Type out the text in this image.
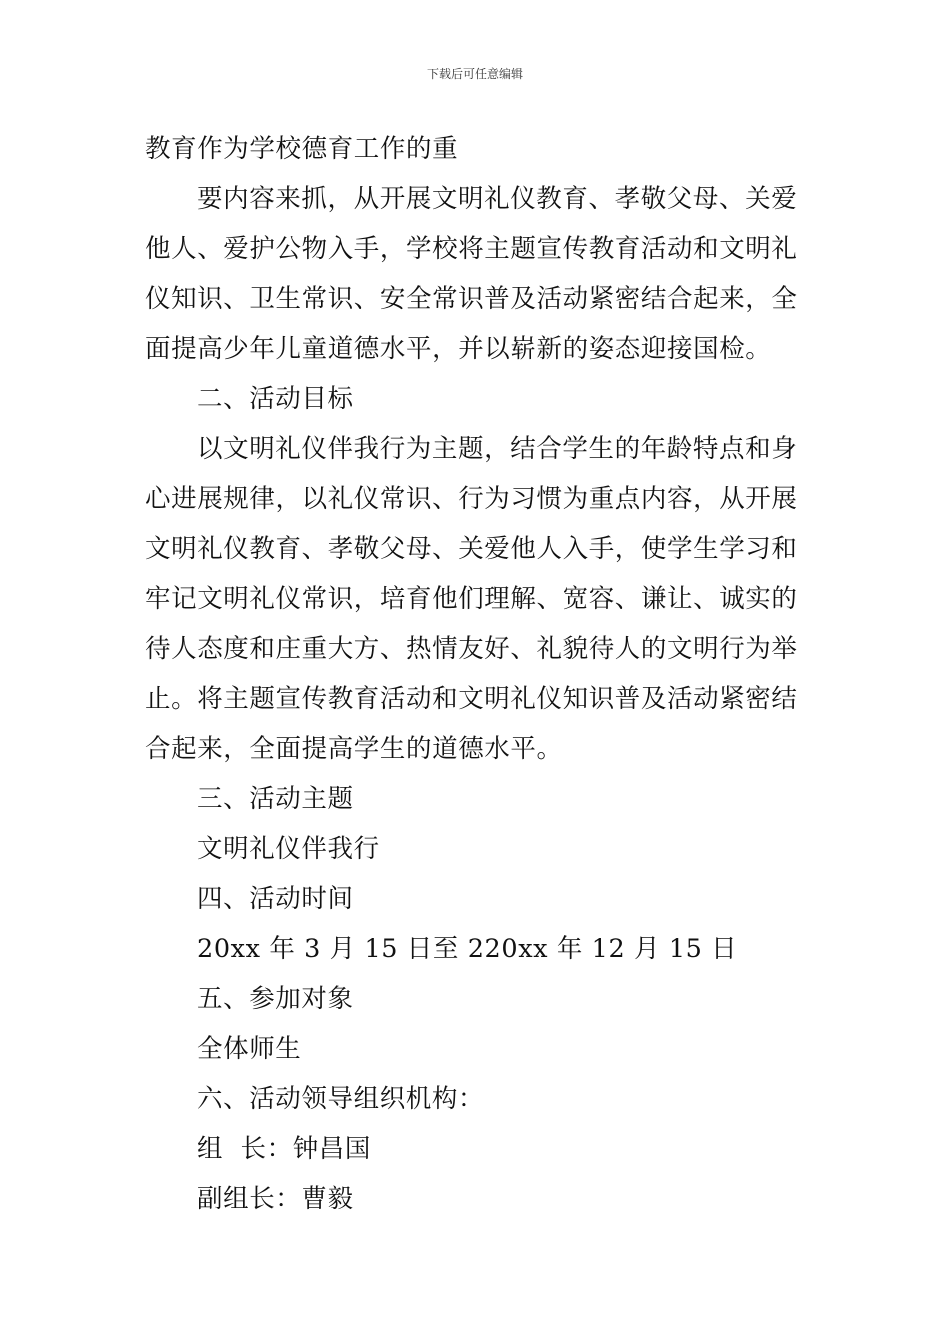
下载后可任意编辑
教育作为学校德育工作的重
要内容来抓，从开展文明礼仪教育、孝敬父母、关爱
他人、爱护公物入手，学校将主题宣传教育活动和文明礼
仪知识、卫生常识、安全常识普及活动紧密结合起来，全
面提高少年儿童道德水平，并以崭新的姿态迎接国检。
二、活动目标
以文明礼仪伴我行为主题，结合学生的年龄特点和身
心进展规律，以礼仪常识、行为习惯为重点内容，从开展
文明礼仪教育、孝敬父母、关爱他人入手，使学生学习和
牢记文明礼仪常识，培育他们理解、宽容、谦让、诚实的
待人态度和庄重大方、热情友好、礼貌待人的文明行为举
止。将主题宣传教育活动和文明礼仪知识普及活动紧密结
合起来，全面提高学生的道德水平。
三、活动主题
文明礼仪伴我行
四、活动时间
20xx 年 3 月 15 日至 220xx 年 12 月 15 日
五、参加对象
全体师生
六、活动领导组织机构：
组  长：钟昌国
副组长：曹毅
